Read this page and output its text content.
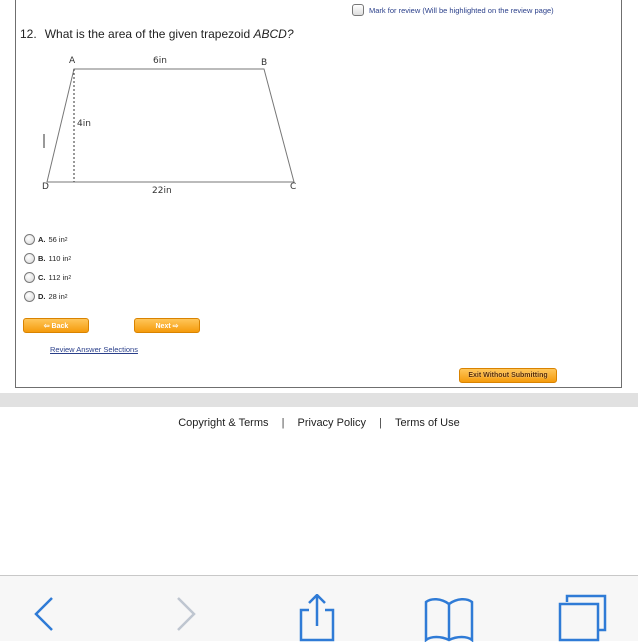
Mark for review (Will be highlighted on the review page)
12. What is the area of the given trapezoid ABCD?
A	B
C
D
6in
4in
22in
A. 56 in 2
B. 110 in 2
C. 112 in 2
D. 28 in 2
⇦ Back	Next ⇨
Review Answer Selections
Exit Without Submitting
Copyright & Terms | Privacy Policy | Terms of Use
